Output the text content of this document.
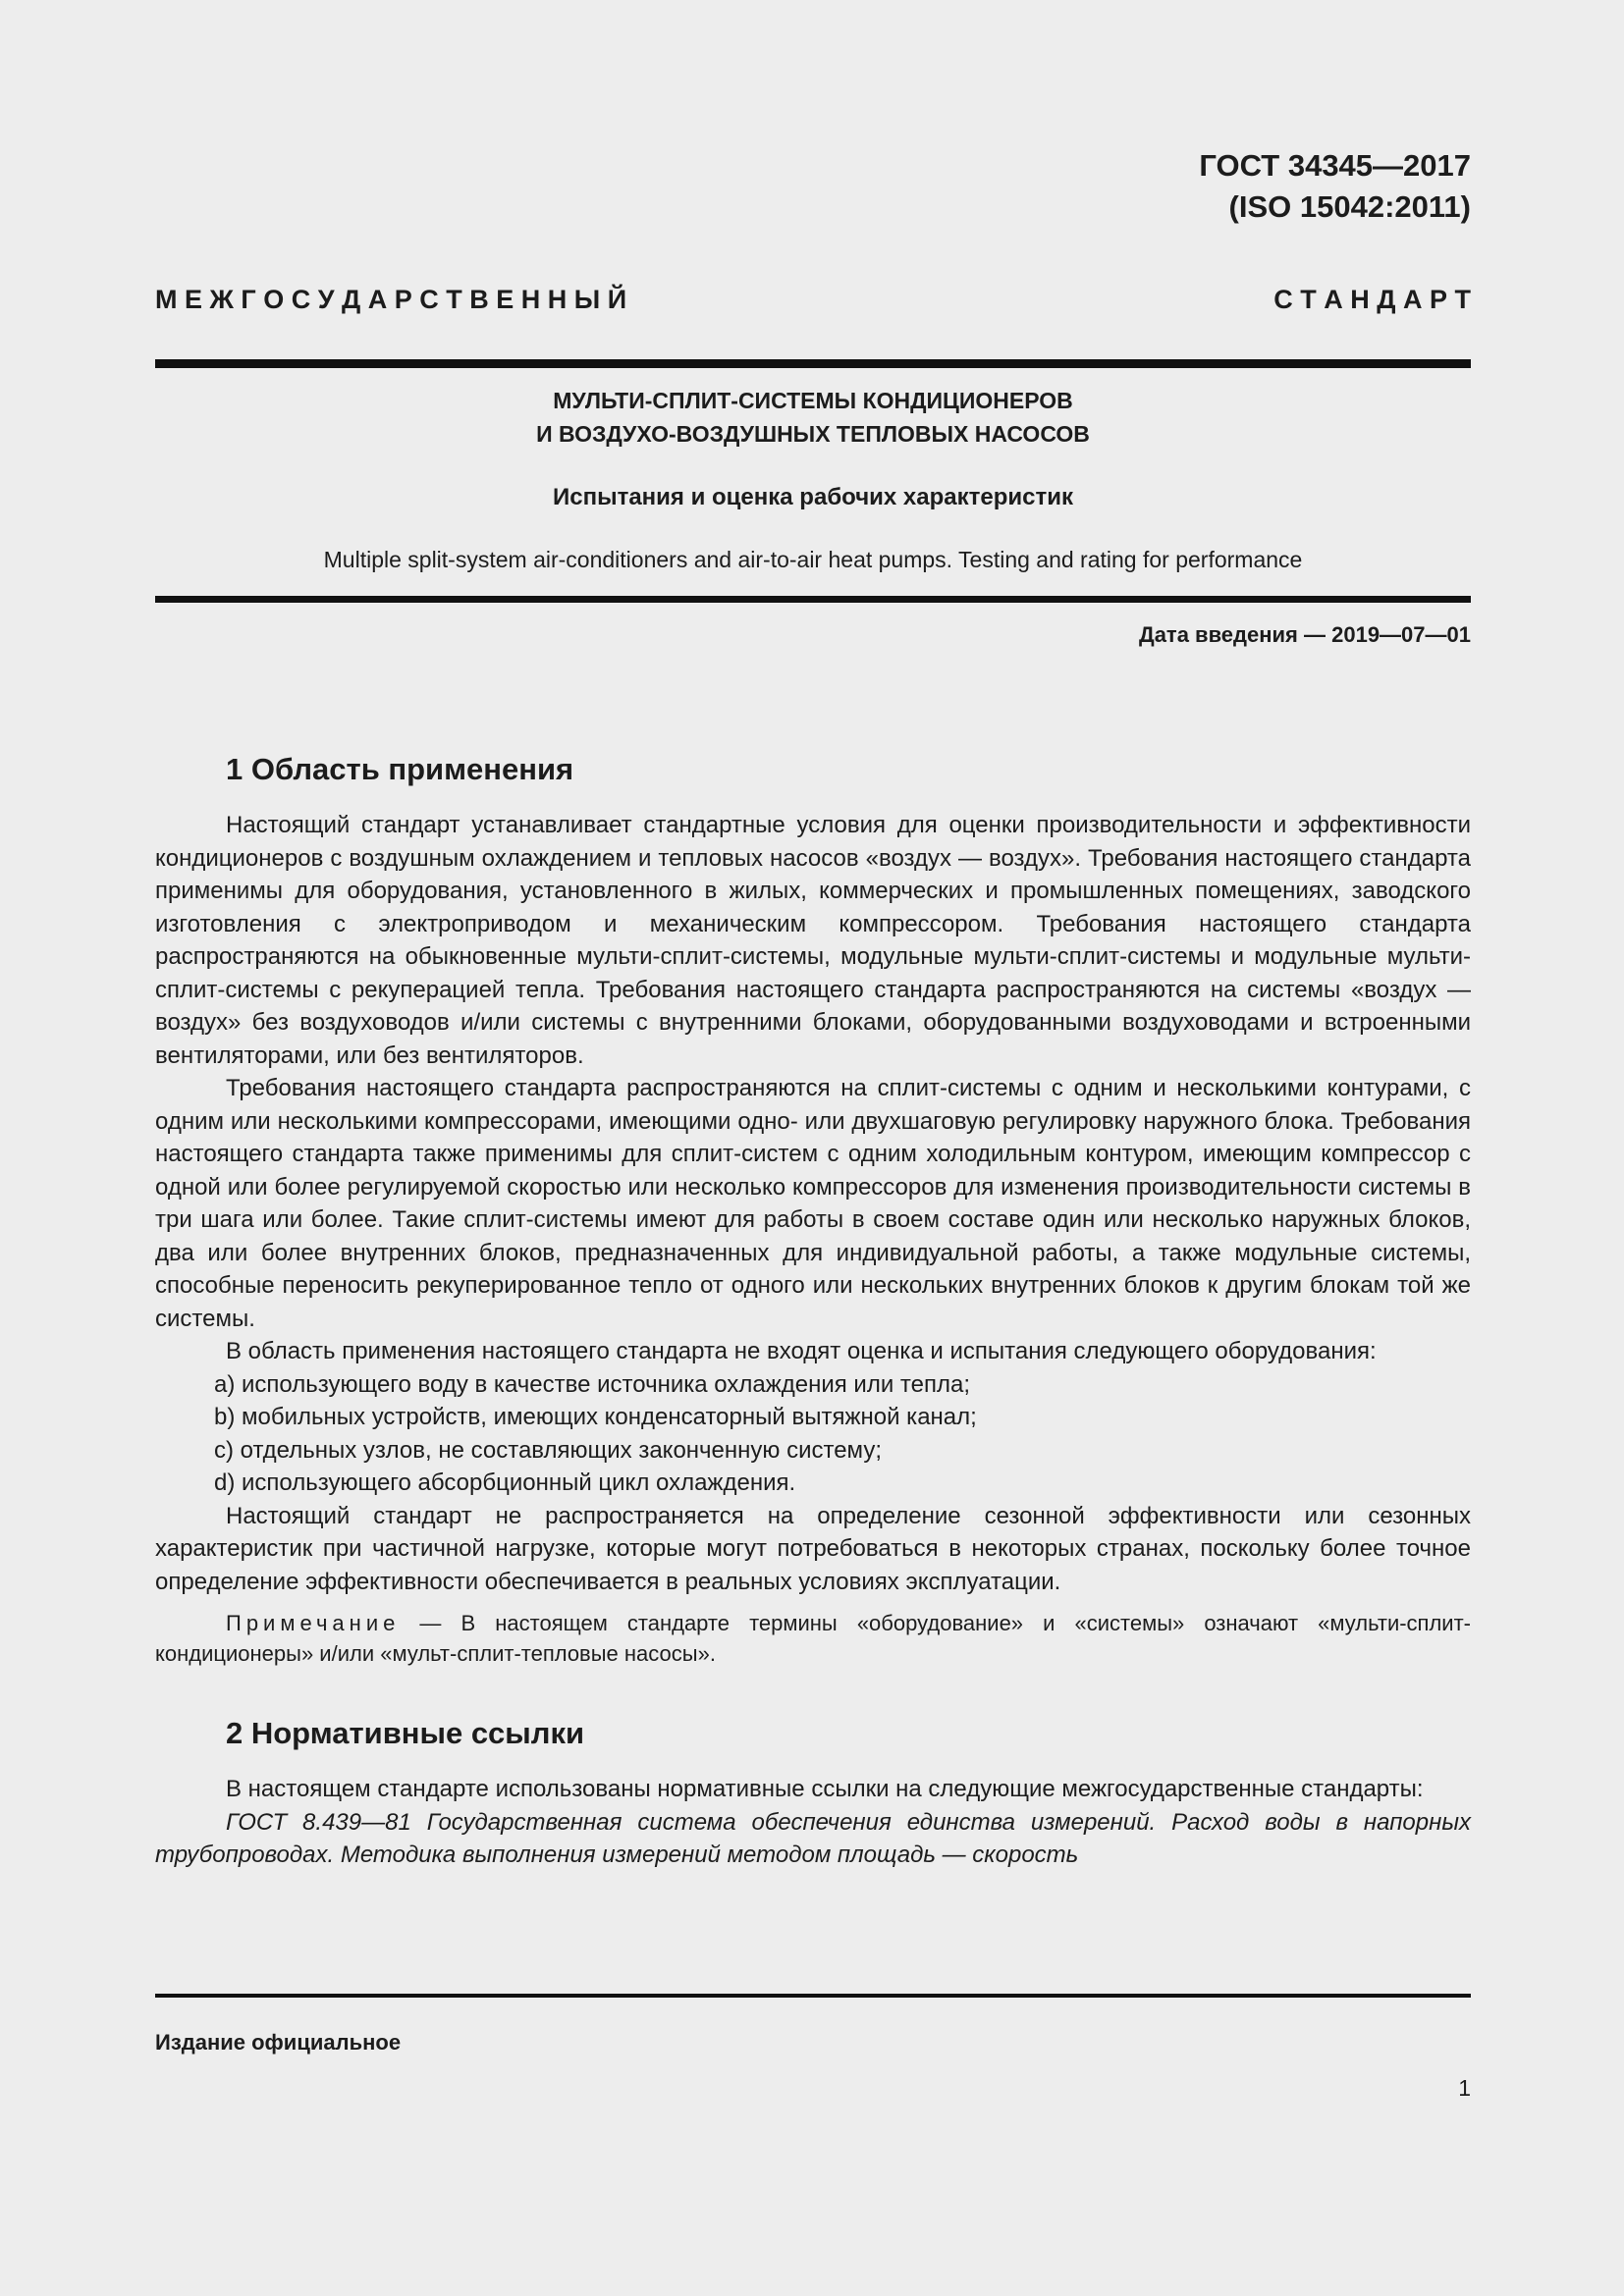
ГОСТ 34345—2017
(ISO 15042:2011)
М Е Ж Г О С У Д А Р С Т В Е Н Н Ы Й	С Т А Н Д А Р Т
МУЛЬТИ-СПЛИТ-СИСТЕМЫ КОНДИЦИОНЕРОВ
И ВОЗДУХО-ВОЗДУШНЫХ ТЕПЛОВЫХ НАСОСОВ
Испытания и оценка рабочих характеристик
Multiple split-system air-conditioners and air-to-air heat pumps. Testing and rating for performance
Дата введения — 2019—07—01
1 Область применения

Настоящий стандарт устанавливает стандартные условия для оценки производительности и эффективности кондиционеров с воздушным охлаждением и тепловых насосов «воздух — воздух». Требования настоящего стандарта применимы для оборудования, установленного в жилых, коммерческих и промышленных помещениях, заводского изготовления с электроприводом и механическим компрессором. Требования настоящего стандарта распространяются на обыкновенные мульти-сплит-системы, модульные мульти-сплит-системы и модульные мульти-сплит-системы с рекуперацией тепла. Требования настоящего стандарта распространяются на системы «воздух — воздух» без воздуховодов и/или системы с внутренними блоками, оборудованными воздуховодами и встроенными вентиляторами, или без вентиляторов.

Требования настоящего стандарта распространяются на сплит-системы с одним и несколькими контурами, с одним или несколькими компрессорами, имеющими одно- или двухшаговую регулировку наружного блока. Требования настоящего стандарта также применимы для сплит-систем с одним холодильным контуром, имеющим компрессор с одной или более регулируемой скоростью или несколько компрессоров для изменения производительности системы в три шага или более. Такие сплит-системы имеют для работы в своем составе один или несколько наружных блоков, два или более внутренних блоков, предназначенных для индивидуальной работы, а также модульные системы, способные переносить рекуперированное тепло от одного или нескольких внутренних блоков к другим блокам той же системы.

В область применения настоящего стандарта не входят оценка и испытания следующего оборудования:

a) использующего воду в качестве источника охлаждения или тепла;

b) мобильных устройств, имеющих конденсаторный вытяжной канал;

c) отдельных узлов, не составляющих законченную систему;

d) использующего абсорбционный цикл охлаждения.

Настоящий стандарт не распространяется на определение сезонной эффективности или сезонных характеристик при частичной нагрузке, которые могут потребоваться в некоторых странах, поскольку более точное определение эффективности обеспечивается в реальных условиях эксплуатации.

Примечание — В настоящем стандарте термины «оборудование» и «системы» означают «мульти-сплит-кондиционеры» и/или «мульт-сплит-тепловые насосы».

2 Нормативные ссылки

В настоящем стандарте использованы нормативные ссылки на следующие межгосударственные стандарты:

ГОСТ 8.439—81 Государственная система обеспечения единства измерений. Расход воды в напорных трубопроводах. Методика выполнения измерений методом площадь — скорость

Издание официальное
1
